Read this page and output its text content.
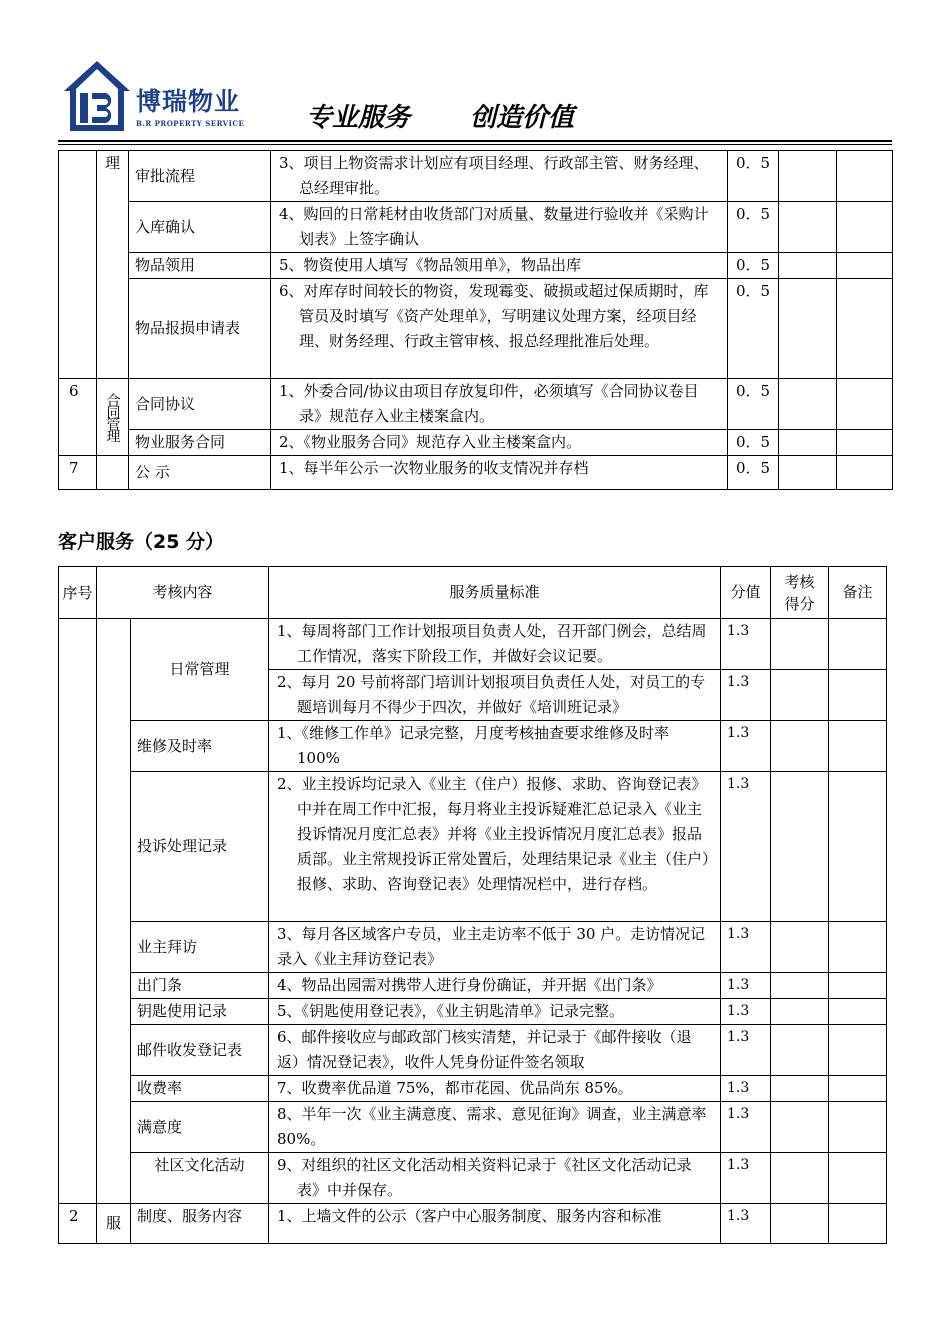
博瑞物业
B.R PROPERTY SERVICE 专业服务 创造价值
	理	审批流程	3、项目上物资需求计划应有项目经理、行政部主管、财务经理、总经理审批。	0．5		
		入库确认	4、购回的日常耗材由收货部门对质量、数量进行验收并《采购计划表》上签字确认	0．5		
		物品领用	5、物资使用人填写《物品领用单》，物品出库	0．5		
		物品报损申请表	6、对库存时间较长的物资，发现霉变、破损或超过保质期时，库管员及时填写《资产处理单》，写明建议处理方案，经项目经理、财务经理、行政主管审核、报总经理批准后处理。	0．5		
6	合同管理	合同协议	1、外委合同/协议由项目存放复印件，必须填写《合同协议卷目录》规范存入业主楼案盒内。	0．5		
		物业服务合同	2、《物业服务合同》规范存入业主楼案盒内。	0．5		
7		公 示	1、每半年公示一次物业服务的收支情况并存档	0．5		
客户服务（25 分）
序号	考核内容		服务质量标准	分值	考核得分	备注
		日常管理	1、每周将部门工作计划报项目负责人处，召开部门例会，总结周工作情况，落实下阶段工作，并做好会议记要。	1.3		
			2、每月 20 号前将部门培训计划报项目负责任人处，对员工的专题培训每月不得少于四次，并做好《培训班记录》	1.3		
		维修及时率	1、《维修工作单》记录完整，月度考核抽查要求维修及时率 100%	1.3		
		投诉处理记录	2、业主投诉均记录入《业主（住户）报修、求助、咨询登记表》中并在周工作中汇报，每月将业主投诉疑难汇总记录入《业主投诉情况月度汇总表》并将《业主投诉情况月度汇总表》报品质部。业主常规投诉正常处置后，处理结果记录《业主（住户）报修、求助、咨询登记表》处理情况栏中，进行存档。	1.3		
		业主拜访	3、每月各区域客户专员，业主走访率不低于 30 户。走访情况记录入《业主拜访登记表》	1.3		
		出门条	4、物品出园需对携带人进行身份确证，并开据《出门条》	1.3		
		钥匙使用记录	5、《钥匙使用登记表》，《业主钥匙清单》记录完整。	1.3		
		邮件收发登记表	6、邮件接收应与邮政部门核实清楚，并记录于《邮件接收（退返）情况登记表》，收件人凭身份证件签名领取	1.3		
		收费率	7、收费率优品道 75%，都市花园、优品尚东 85%。	1.3		
		满意度	8、半年一次《业主满意度、需求、意见征询》调查，业主满意率 80%。	1.3		
		社区文化活动	9、对组织的社区文化活动相关资料记录于《社区文化活动记录表》中并保存。	1.3		

2	服	制度、服务内容	1、上墙文件的公示（客户中心服务制度、服务内容和标准	1.3		
